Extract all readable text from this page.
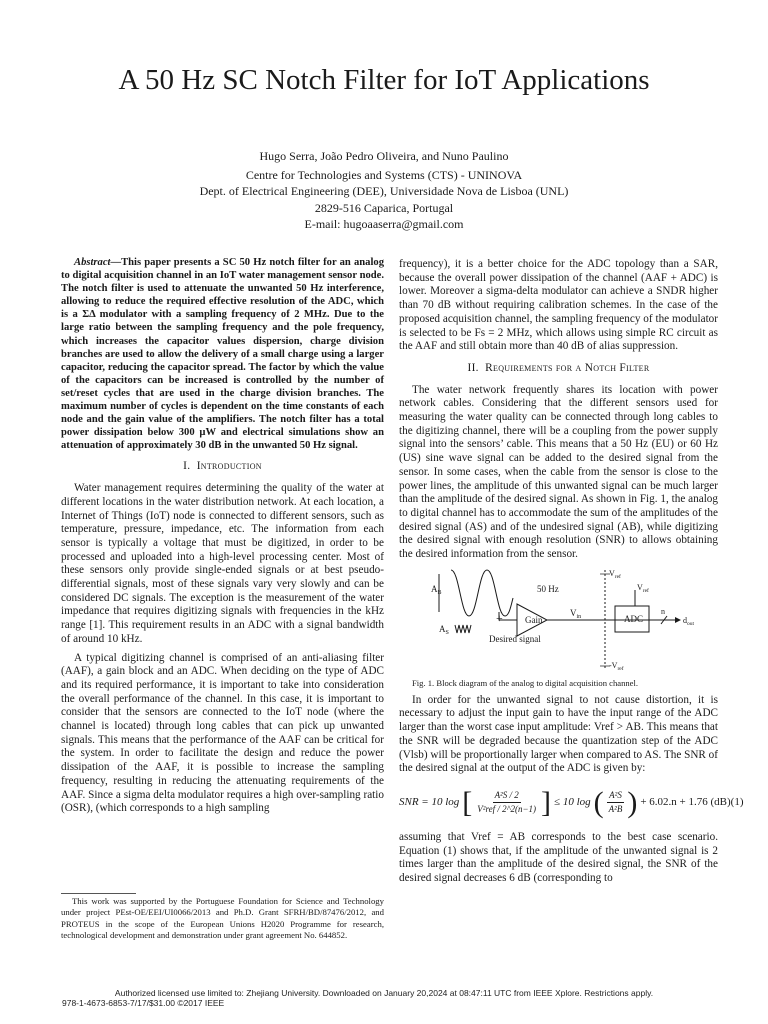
A 50 Hz SC Notch Filter for IoT Applications
Hugo Serra, João Pedro Oliveira, and Nuno Paulino
Centre for Technologies and Systems (CTS) - UNINOVA
Dept. of Electrical Engineering (DEE), Universidade Nova de Lisboa (UNL)
2829-516 Caparica, Portugal
E-mail: hugoaaserra@gmail.com

Abstract—This paper presents a SC 50 Hz notch filter for an analog to digital acquisition channel in an IoT water management sensor node. The notch filter is used to attenuate the unwanted 50 Hz interference, allowing to reduce the required effective resolution of the ADC, which is a ΣΔ modulator with a sampling frequency of 2 MHz. Due to the large ratio between the sampling frequency and the pole frequency, which increases the capacitor values dispersion, charge division branches are used to allow the delivery of a small charge using a larger capacitor, reducing the capacitor spread. The factor by which the value of the capacitors can be increased is controlled by the number of set/reset cycles that are used in the charge division branches. The maximum number of cycles is dependent on the time constants of each node and the gain value of the amplifiers. The notch filter has a total power dissipation below 300 µW and electrical simulations show an attenuation of approximately 30 dB in the unwanted 50 Hz signal.

I. Introduction

Water management requires determining the quality of the water at different locations in the water distribution network. At each location, a Internet of Things (IoT) node is connected to different sensors, such as temperature, pressure, impedance, etc. The information from each sensor is typically a voltage that must be digitized, in order to be processed and uploaded into a high-level processing center. Most of these sensors only provide single-ended signals or at best pseudo-differential signals, most of these signals vary very slowly and can be considered DC signals. The exception is the measurement of the water impedance that requires digitizing signals with frequencies in the kHz range [1]. This requirement results in an ADC with a signal bandwidth of around 10 kHz.

A typical digitizing channel is comprised of an anti-aliasing filter (AAF), a gain block and an ADC. When deciding on the type of ADC and its required performance, it is important to take into consideration the overall performance of the channel. In this case, it is important to consider that the sensors are connected to the IoT node (where the channel is located) through long cables that can pick up unwanted signals. This means that the performance of the AAF can be critical for the system. In order to facilitate the design and reduce the power dissipation of the AAF, it is possible to increase the sampling frequency, resulting in reducing the attenuating requirements of the AAF. Since a sigma delta modulator requires a high over-sampling ratio (OSR), (which corresponds to a high sampling

This work was supported by the Portuguese Foundation for Science and Technology under project PEst-OE/EEI/UI0066/2013 and Ph.D. Grant SFRH/BD/87476/2012, and PROTEUS in the scope of the European Unions H2020 Programme for research, technological development and demonstration under grant agreement No. 644852.

frequency), it is a better choice for the ADC topology than a SAR, because the overall power dissipation of the channel (AAF + ADC) is lower. Moreover a sigma-delta modulator can achieve a SNDR higher than 70 dB without requiring calibration schemes. In the case of the proposed acquisition channel, the sampling frequency of the modulator is selected to be Fs = 2 MHz, which allows using simple RC circuit as the AAF and still obtain more than 40 dB of alias suppression.

II. Requirements for a Notch Filter

The water network frequently shares its location with power network cables. Considering that the different sensors used for measuring the water quality can be connected through long cables to the digitizing channel, there will be a coupling from the power supply signal into the sensors’ cable. This means that a 50 Hz (EU) or 60 Hz (US) sine wave signal can be added to the desired signal from the sensor. In some cases, when the cable from the sensor is close to the power lines, the amplitude of this unwanted signal can be much larger than the amplitude of the desired signal. As shown in Fig. 1, the analog to digital channel has to accommodate the sum of the amplitudes of the desired signal (AS) and of the undesired signal (AB), while digitizing the desired signal with enough resolution (SNR) to allows obtaining the desired information from the sensor.

$A_B$	50 Hz
+ Gain
$V_{in}$	ADC
$V_{ref}$
$V_{ref}$
$-V_{ref}$
n
$d_{out}$
$A_S$
Desired signal

Fig. 1. Block diagram of the analog to digital acquisition channel.

In order for the unwanted signal to not cause distortion, it is necessary to adjust the input gain to have the input range of the ADC larger than the worst case input amplitude: Vref > AB. This means that the SNR will be degraded because the quantization step of the ADC (Vlsb) will be proportionally larger when compared to AS. The SNR of the desired signal at the output of the ADC is given by:

SNR = 10 log [ $\frac{\text{A²S / 2}}{\text{V²ref / 2\textasciicircum{}2(n−1)}}$ ] ≤ 10 log ( $\frac{\text{A²S}}{\text{A²B}}$ ) + 6.02.n + 1.76 (dB) (1)

assuming that Vref = AB corresponds to the best case scenario. Equation (1) shows that, if the amplitude of the unwanted signal is 2 times larger than the amplitude of the desired signal, the SNR of the desired signal decreases 6 dB (corresponding to

Authorized licensed use limited to: Zhejiang University. Downloaded on January 20,2024 at 08:47:11 UTC from IEEE Xplore. Restrictions apply.
978-1-4673-6853-7/17/$31.00 ©2017 IEEE
